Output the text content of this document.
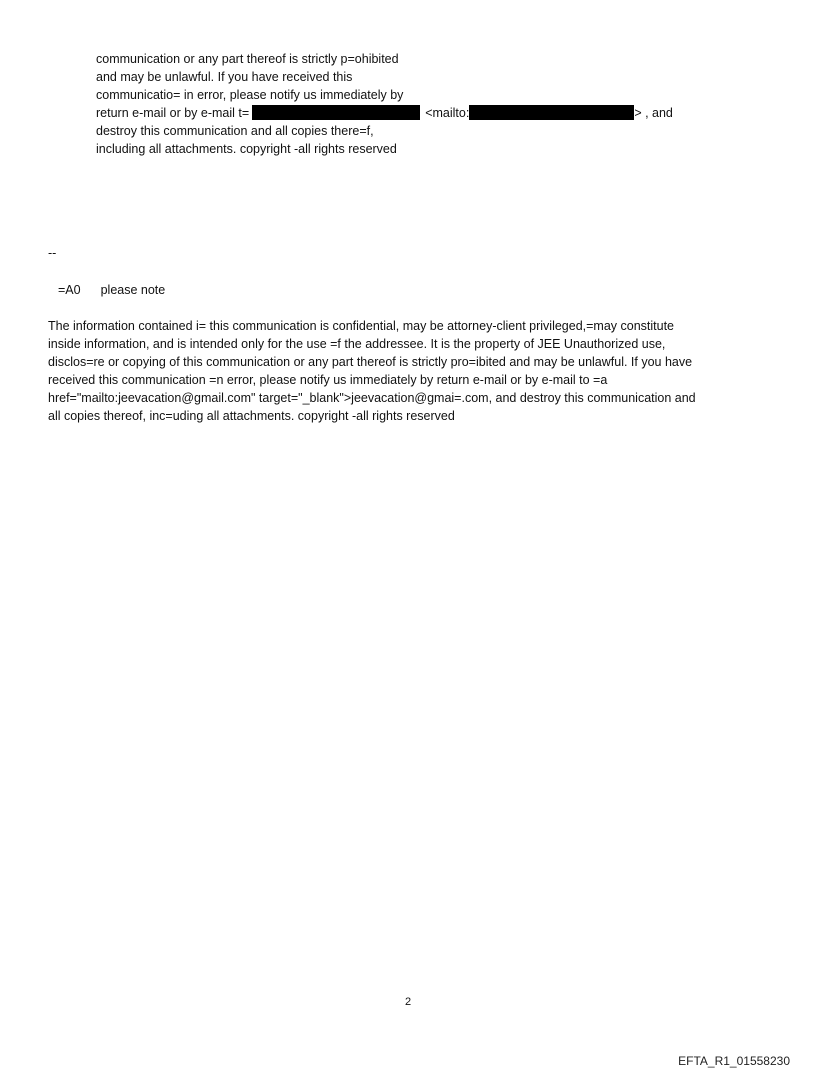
communication or any part thereof is strictly p=ohibited
and may be unlawful. If you have received this
communicatio= in error, please notify us immediately by
return e-mail or by e-mail t=	<mailto:	> , and
destroy this communication and all copies there=f,
including all attachments. copyright -all rights reserved
--
=A0 please note
The information contained i= this communication is confidential, may be attorney-client privileged,=may constitute
inside information, and is intended only for the use =f the addressee. It is the property of JEE Unauthorized use,
disclos=re or copying of this communication or any part thereof is strictly pro=ibited and may be unlawful. If you have
received this communication =n error, please notify us immediately by return e-mail or by e-mail to =a
href="mailto:jeevacation@gmail.com" target="_blank">jeevacation@gmai=.com, and destroy this communication and
all copies thereof, inc=uding all attachments. copyright -all rights reserved
2
EFTA_R1_01558230
